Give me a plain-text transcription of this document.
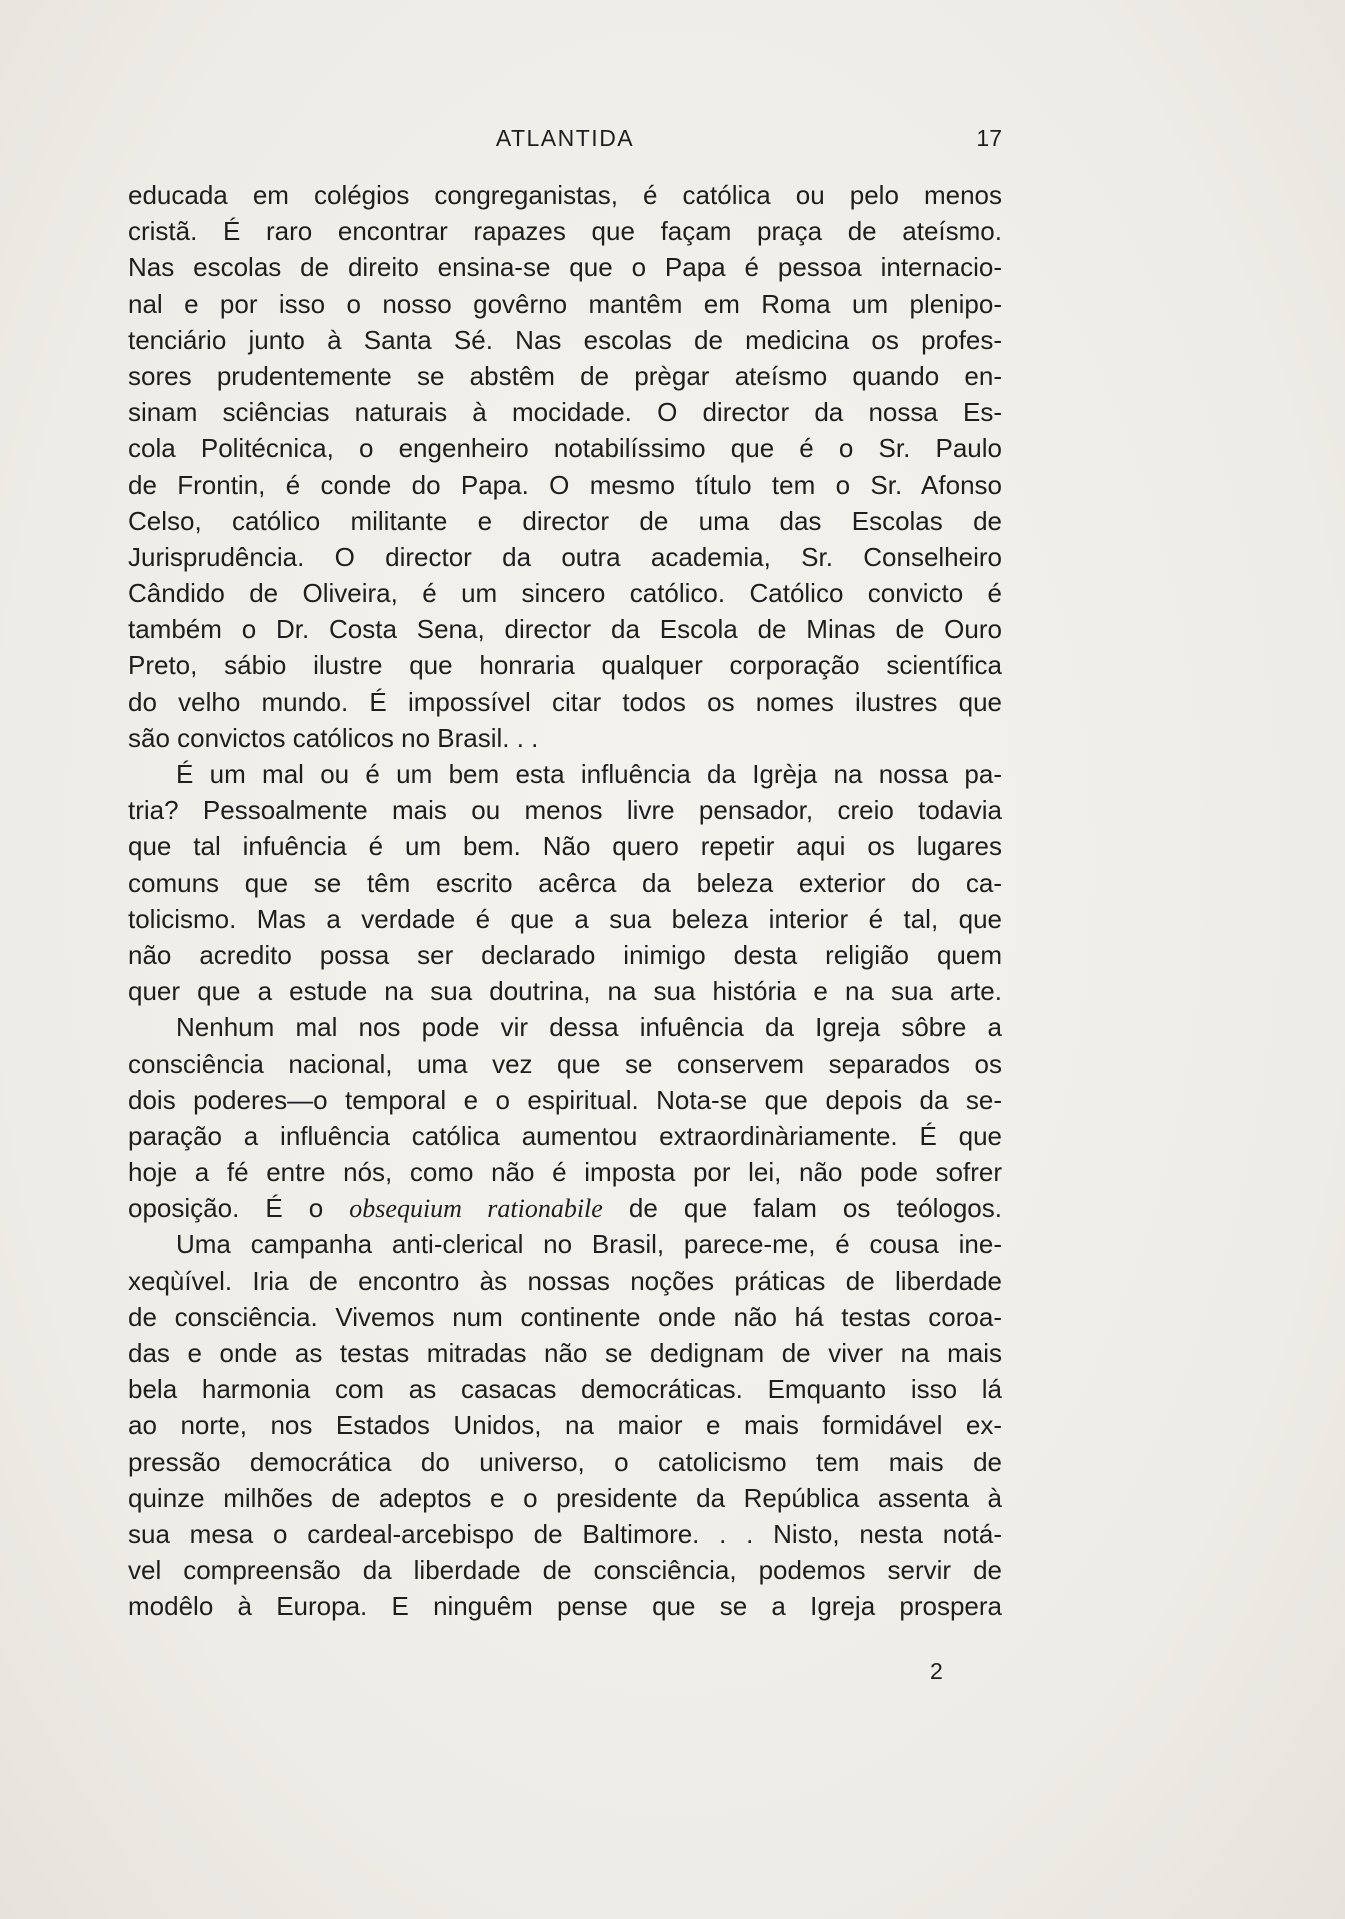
ATLANTIDA	17
educada em colégios congreganistas, é católica ou pelo menos
cristã. É raro encontrar rapazes que façam praça de ateísmo.
Nas escolas de direito ensina-se que o Papa é pessoa internacio-
nal e por isso o nosso govêrno mantêm em Roma um plenipo-
tenciário junto à Santa Sé. Nas escolas de medicina os profes-
sores prudentemente se abstêm de prègar ateísmo quando en-
sinam sciências naturais à mocidade. O director da nossa Es-
cola Politécnica, o engenheiro notabilíssimo que é o Sr. Paulo
de Frontin, é conde do Papa. O mesmo título tem o Sr. Afonso
Celso, católico militante e director de uma das Escolas de
Jurisprudência. O director da outra academia, Sr. Conselheiro
Cândido de Oliveira, é um sincero católico. Católico convicto é
também o Dr. Costa Sena, director da Escola de Minas de Ouro
Preto, sábio ilustre que honraria qualquer corporação scientífica
do velho mundo. É impossível citar todos os nomes ilustres que
são convictos católicos no Brasil. . .
É um mal ou é um bem esta influência da Igrèja na nossa pa-
tria? Pessoalmente mais ou menos livre pensador, creio todavia
que tal infuência é um bem. Não quero repetir aqui os lugares
comuns que se têm escrito acêrca da beleza exterior do ca-
tolicismo. Mas a verdade é que a sua beleza interior é tal, que
não acredito possa ser declarado inimigo desta religião quem
quer que a estude na sua doutrina, na sua história e na sua arte.
Nenhum mal nos pode vir dessa infuência da Igreja sôbre a
consciência nacional, uma vez que se conservem separados os
dois poderes—o temporal e o espiritual. Nota-se que depois da se-
paração a influência católica aumentou extraordinàriamente. É que
hoje a fé entre nós, como não é imposta por lei, não pode sofrer
oposição. É o obsequium rationabile de que falam os teólogos.
Uma campanha anti-clerical no Brasil, parece-me, é cousa ine-
xeqùível. Iria de encontro às nossas noções práticas de liberdade
de consciência. Vivemos num continente onde não há testas coroa-
das e onde as testas mitradas não se dedignam de viver na mais
bela harmonia com as casacas democráticas. Emquanto isso lá
ao norte, nos Estados Unidos, na maior e mais formidável ex-
pressão democrática do universo, o catolicismo tem mais de
quinze milhões de adeptos e o presidente da República assenta à
sua mesa o cardeal-arcebispo de Baltimore. . . Nisto, nesta notá-
vel compreensão da liberdade de consciência, podemos servir de
modêlo à Europa. E ninguêm pense que se a Igreja prospera
2
